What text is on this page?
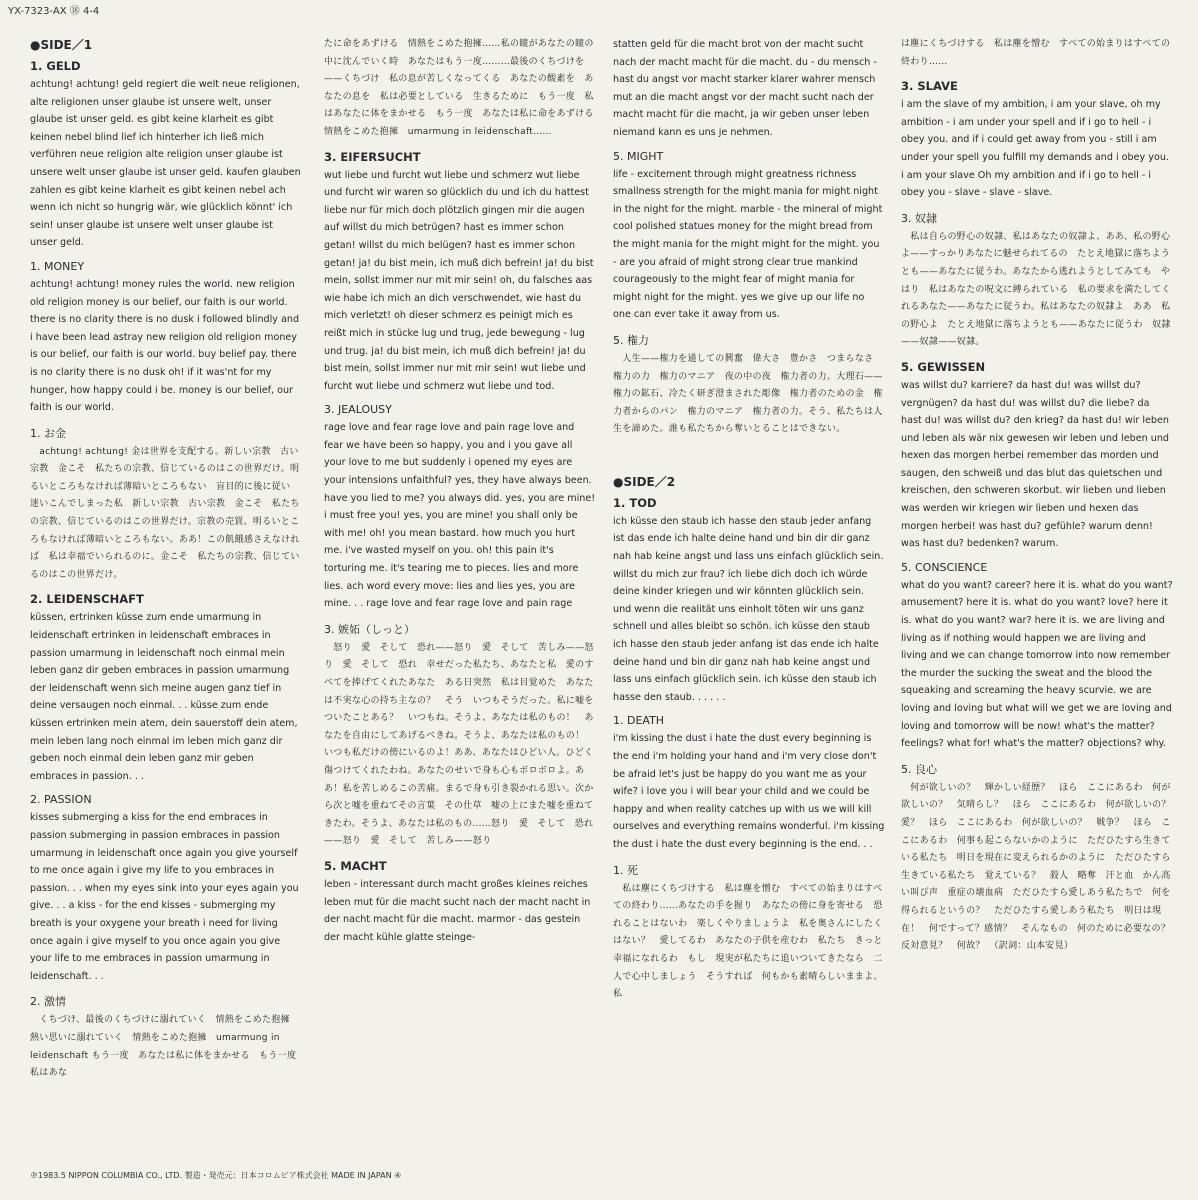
YX-7323-AX ⑱ 4-4
●SIDE／1
1. GELD
achtung! achtung! geld regiert die welt neue religionen, alte religionen unser glaube ist unsere welt, unser glaube ist unser geld. es gibt keine klarheit es gibt keinen nebel blind lief ich hinterher ich ließ mich verführen neue religion alte religion unser glaube ist unsere welt unser glaube ist unser geld. kaufen glauben zahlen es gibt keine klarheit es gibt keinen nebel ach wenn ich nicht so hungrig wär, wie glücklich könnt' ich sein! unser glaube ist unsere welt unser glaube ist unser geld.
1. MONEY
achtung! achtung! money rules the world. new religion old religion money is our belief, our faith is our world. there is no clarity there is no dusk i followed blindly and i have been lead astray new religion old religion money is our belief, our faith is our world. buy belief pay. there is no clarity there is no dusk oh! if it was'nt for my hunger, how happy could i be. money is our belief, our faith is our world.
1. お金
　achtung! achtung! 金は世界を支配する。新しい宗教　古い宗教　金こそ　私たちの宗教、信じているのはこの世界だけ。明るいところもなければ薄暗いところもない　盲目的に後に従い　迷いこんでしまった私　新しい宗教　古い宗教　金こそ　私たちの宗教、信じているのはこの世界だけ。宗教の売買、明るいところもなければ薄暗いところもない。ああ！この飢餓感さえなければ　私は幸福でいられるのに。金こそ　私たちの宗教、信じているのはこの世界だけ。
2. LEIDENSCHAFT
küssen, ertrinken küsse zum ende umarmung in leidenschaft ertrinken in leidenschaft embraces in passion umarmung in leidenschaft noch einmal mein leben ganz dir geben embraces in passion umarmung der leidenschaft wenn sich meine augen ganz tief in deine versaugen noch einmal. . . küsse zum ende küssen ertrinken mein atem, dein sauerstoff dein atem, mein leben lang noch einmal im leben mich ganz dir geben noch einmal dein leben ganz mir geben embraces in passion. . .
2. PASSION
kisses submerging a kiss for the end embraces in passion submerging in passion embraces in passion umarmung in leidenschaft once again you give yourself to me once again i give my life to you embraces in passion. . . when my eyes sink into your eyes again you give. . . a kiss - for the end kisses - submerging my breath is your oxygene your breath i need for living once again i give myself to you once again you give your life to me embraces in passion umarmung in leidenschaft. . .
2. 激情
　くちづけ、最後のくちづけに溺れていく　情熱をこめた抱擁　熱い思いに溺れていく　情熱をこめた抱擁　umarmung in leidenschaft もう一度　あなたは私に体をまかせる　もう一度　私はあな
たに命をあずける　情熱をこめた抱擁……私の瞳があなたの瞳の中に沈んでいく時　あなたはもう一度………最後のくちづけを——くちづけ　私の息が苦しくなってくる　あなたの酸素を　あなたの息を　私は必要としている　生きるために　もう一度　私はあなたに体をまかせる　もう一度　あなたは私に命をあずける　情熱をこめた抱擁　umarmung in leidenschaft……
3. EIFERSUCHT
wut liebe und furcht wut liebe und schmerz wut liebe und furcht wir waren so glücklich du und ich du hattest liebe nur für mich doch plötzlich gingen mir die augen auf willst du mich betrügen? hast es immer schon getan! willst du mich belügen? hast es immer schon getan! ja! du bist mein, ich muß dich befrein! ja! du bist mein, sollst immer nur mit mir sein! oh, du falsches aas wie habe ich mich an dich verschwendet, wie hast du mich verletzt! oh dieser schmerz es peinigt mich es reißt mich in stücke lug und trug, jede bewegung - lug und trug. ja! du bist mein, ich muß dich befrein! ja! du bist mein, sollst immer nur mit mir sein! wut liebe und furcht wut liebe und schmerz wut liebe und tod.
3. JEALOUSY
rage love and fear rage love and pain rage love and fear we have been so happy, you and i you gave all your love to me but suddenly i opened my eyes are your intensions unfaithful? yes, they have always been. have you lied to me? you always did. yes, you are mine! i must free you! yes, you are mine! you shall only be with me! oh! you mean bastard. how much you hurt me. i've wasted myself on you. oh! this pain it's torturing me. it's tearing me to pieces. lies and more lies. ach word every move: lies and lies yes, you are mine. . . rage love and fear rage love and pain rage
3. 嫉妬（しっと）
　怒り　愛　そして　恐れ——怒り　愛　そして　苦しみ——怒り　愛　そして　恐れ　幸せだった私たち、あなたと私　愛のすべてを捧げてくれたあなた　ある日突然　私は目覚めた　あなたは不実な心の持ち主なの？　そう　いつもそうだった。私に嘘をついたことある？　いつもね。そうよ、あなたは私のもの！　あなたを自由にしてあげるべきね。そうよ、あなたは私のもの！　いつも私だけの傍にいるのよ！ああ、あなたはひどい人。ひどく傷つけてくれたわね。あなたのせいで身も心もボロボロよ。ああ！私を苦しめるこの苦痛。まるで身も引き裂かれる思い。次から次と嘘を重ねてその言葉　その仕草　嘘の上にまた嘘を重ねてきたわ。そうよ、あなたは私のもの……怒り　愛　そして　恐れ——怒り　愛　そして　苦しみ——怒り
5. MACHT
leben - interessant durch macht großes kleines reiches leben mut für die macht sucht nach der macht nacht in der nacht macht für die macht. marmor - das gestein der macht kühle glatte steinge-
statten geld für die macht brot von der macht sucht nach der macht macht für die macht. du - du mensch - hast du angst vor macht starker klarer wahrer mensch mut an die macht angst vor der macht sucht nach der macht macht für die macht, ja wir geben unser leben niemand kann es uns je nehmen.
5. MIGHT
life - excitement through might greatness richness smallness strength for the might mania for might night in the night for the might. marble - the mineral of might cool polished statues money for the might bread from the might mania for the might might for the might. you - are you afraid of might strong clear true mankind courageously to the might fear of might mania for might night for the might. yes we give up our life no one can ever take it away from us.
5. 権力
　人生——権力を通しての興奮　偉大さ　豊かさ　つまらなさ　権力の力　権力のマニア　夜の中の夜　権力者の力。大理石——権力の鉱石、冷たく研ぎ澄まされた彫像　権力者のための金　権力者からのパン　権力のマニア　権力者の力。そう、私たちは人生を諦めた。誰も私たちから奪いとることはできない。
●SIDE／2
1. TOD
ich küsse den staub ich hasse den staub jeder anfang ist das ende ich halte deine hand und bin dir dir ganz nah hab keine angst und lass uns einfach glücklich sein. willst du mich zur frau? ich liebe dich doch ich würde deine kinder kriegen und wir könnten glücklich sein. und wenn die realität uns einholt töten wir uns ganz schnell und alles bleibt so schön. ich küsse den staub ich hasse den staub jeder anfang ist das ende ich halte deine hand und bin dir ganz nah hab keine angst und lass uns einfach glücklich sein. ich küsse den staub ich hasse den staub. . . . . .
1. DEATH
i'm kissing the dust i hate the dust every beginning is the end i'm holding your hand and i'm very close don't be afraid let's just be happy do you want me as your wife? i love you i will bear your child and we could be happy and when reality catches up with us we will kill ourselves and everything remains wonderful. i'm kissing the dust i hate the dust every beginning is the end. . .
1. 死
　私は塵にくちづけする　私は塵を憎む　すべての始まりはすべての終わり……あなたの手を握り　あなたの傍に身を寄せる　恐れることはないわ　楽しくやりましょうよ　私を奥さんにしたくはない？　愛してるわ　あなたの子供を産むわ　私たち　きっと幸福になれるわ　もし　現実が私たちに追いついてきたなら　二人で心中しましょう　そうすれば　何もかも素晴らしいままよ。私
は塵にくちづけする　私は塵を憎む　すべての始まりはすべての終わり……
3. SLAVE
i am the slave of my ambition, i am your slave, oh my ambition - i am under your spell and if i go to hell - i obey you. and if i could get away from you - still i am under your spell you fulfill my demands and i obey you. i am your slave Oh my ambition and if i go to hell - i obey you - slave - slave - slave.
3. 奴隷
　私は自らの野心の奴隷、私はあなたの奴隷よ、ああ、私の野心よ——すっかりあなたに魅せられてるの　たとえ地獄に落ちようとも——あなたに従うわ。あなたから逃れようとしてみても　やはり　私はあなたの呪文に縛られている　私の要求を満たしてくれるあなた——あなたに従うわ。私はあなたの奴隷よ　ああ　私の野心よ　たとえ地獄に落ちようとも——あなたに従うわ　奴隷——奴隷——奴隷。
5. GEWISSEN
was willst du? karriere? da hast du! was willst du? vergnügen? da hast du! was willst du? die liebe? da hast du! was willst du? den krieg? da hast du! wir leben und leben als wär nix gewesen wir leben und leben und hexen das morgen herbei remember das morden und saugen, den schweiß und das blut das quietschen und kreischen, den schweren skorbut. wir lieben und lieben was werden wir kriegen wir lieben und hexen das morgen herbei! was hast du? gefühle? warum denn! was hast du? bedenken? warum.
5. CONSCIENCE
what do you want? career? here it is. what do you want? amusement? here it is. what do you want? love? here it is. what do you want? war? here it is. we are living and living as if nothing would happen we are living and living and we can change tomorrow into now remember the murder the sucking the sweat and the blood the squeaking and screaming the heavy scurvie. we are loving and loving but what will we get we are loving and loving and tomorrow will be now! what's the matter? feelings? what for! what's the matter? objections? why.
5. 良心
　何が欲しいの？　輝かしい経歴？　ほら　ここにあるわ　何が欲しいの？　気晴らし？　ほら　ここにあるわ　何が欲しいの？　愛？　ほら　ここにあるわ　何が欲しいの？　戦争？　ほら　ここにあるわ　何事も起こらないかのように　ただひたすら生きている私たち　明日を現在に変えられるかのように　ただひたすら生きている私たち　覚えている？　殺人　略奪　汗と血　かん高い叫び声　重症の壊血病　ただひたすら愛しあう私たちで　何を得られるというの？　ただひたすら愛しあう私たち　明日は現在！　何ですって？感情？　そんなもの　何のために必要なの？　反対意見？　何故？　（訳詞：山本安見）
℗1983.5 NIPPON COLUMBIA CO., LTD. 製造・発売元：日本コロムビア株式会社 MADE IN JAPAN ④
